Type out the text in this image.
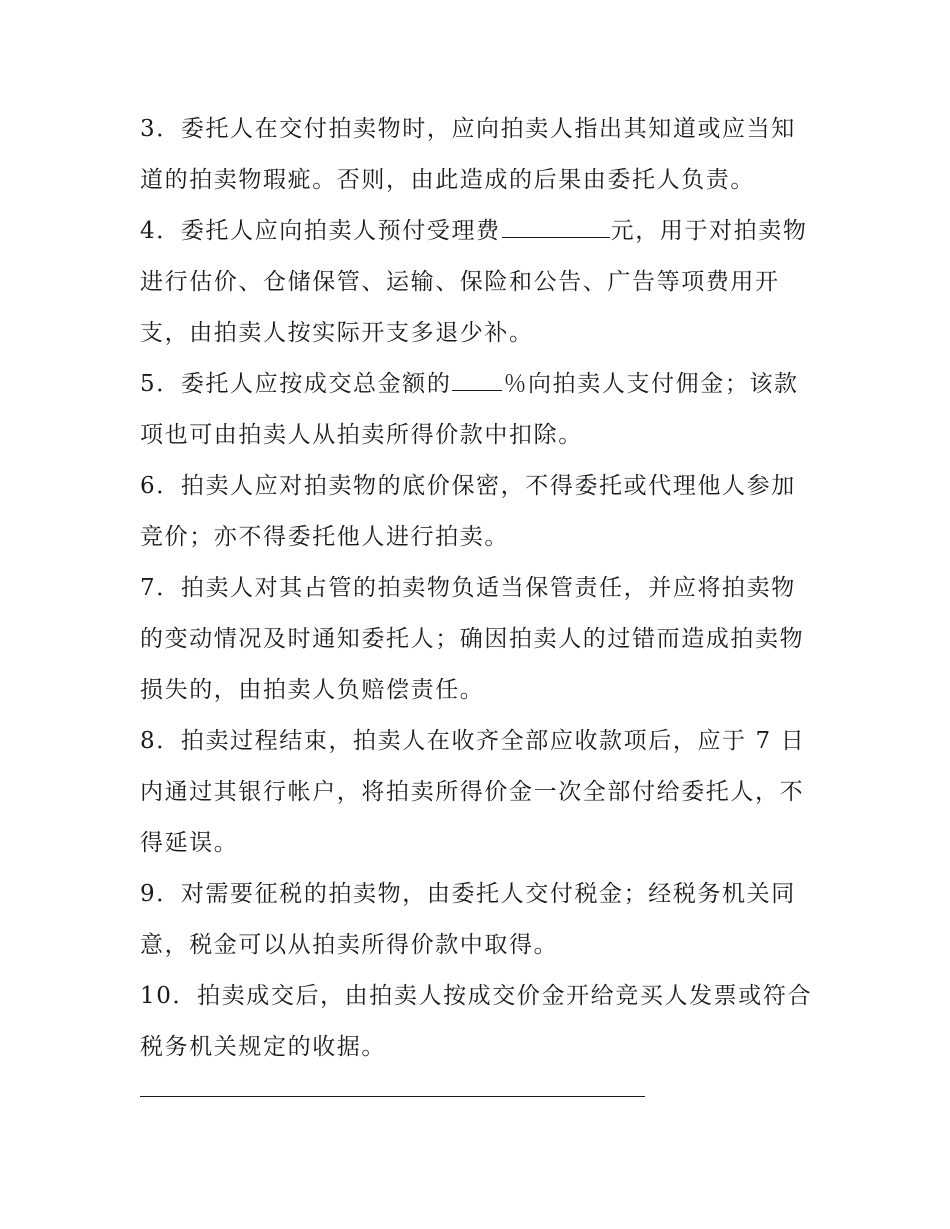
3．委托人在交付拍卖物时，应向拍卖人指出其知道或应当知道的拍卖物瑕疵。否则，由此造成的后果由委托人负责。

4．委托人应向拍卖人预付受理费	元，用于对拍卖物进行估价、仓储保管、运输、保险和公告、广告等项费用开支，由拍卖人按实际开支多退少补。

5．委托人应按成交总金额的 ％向拍卖人支付佣金；该款项也可由拍卖人从拍卖所得价款中扣除。

6．拍卖人应对拍卖物的底价保密，不得委托或代理他人参加竞价；亦不得委托他人进行拍卖。

7．拍卖人对其占管的拍卖物负适当保管责任，并应将拍卖物的变动情况及时通知委托人；确因拍卖人的过错而造成拍卖物损失的，由拍卖人负赔偿责任。

8．拍卖过程结束，拍卖人在收齐全部应收款项后，应于 7 日内通过其银行帐户，将拍卖所得价金一次全部付给委托人，不得延误。

9．对需要征税的拍卖物，由委托人交付税金；经税务机关同意，税金可以从拍卖所得价款中取得。

10．拍卖成交后，由拍卖人按成交价金开给竞买人发票或符合税务机关规定的收据。
